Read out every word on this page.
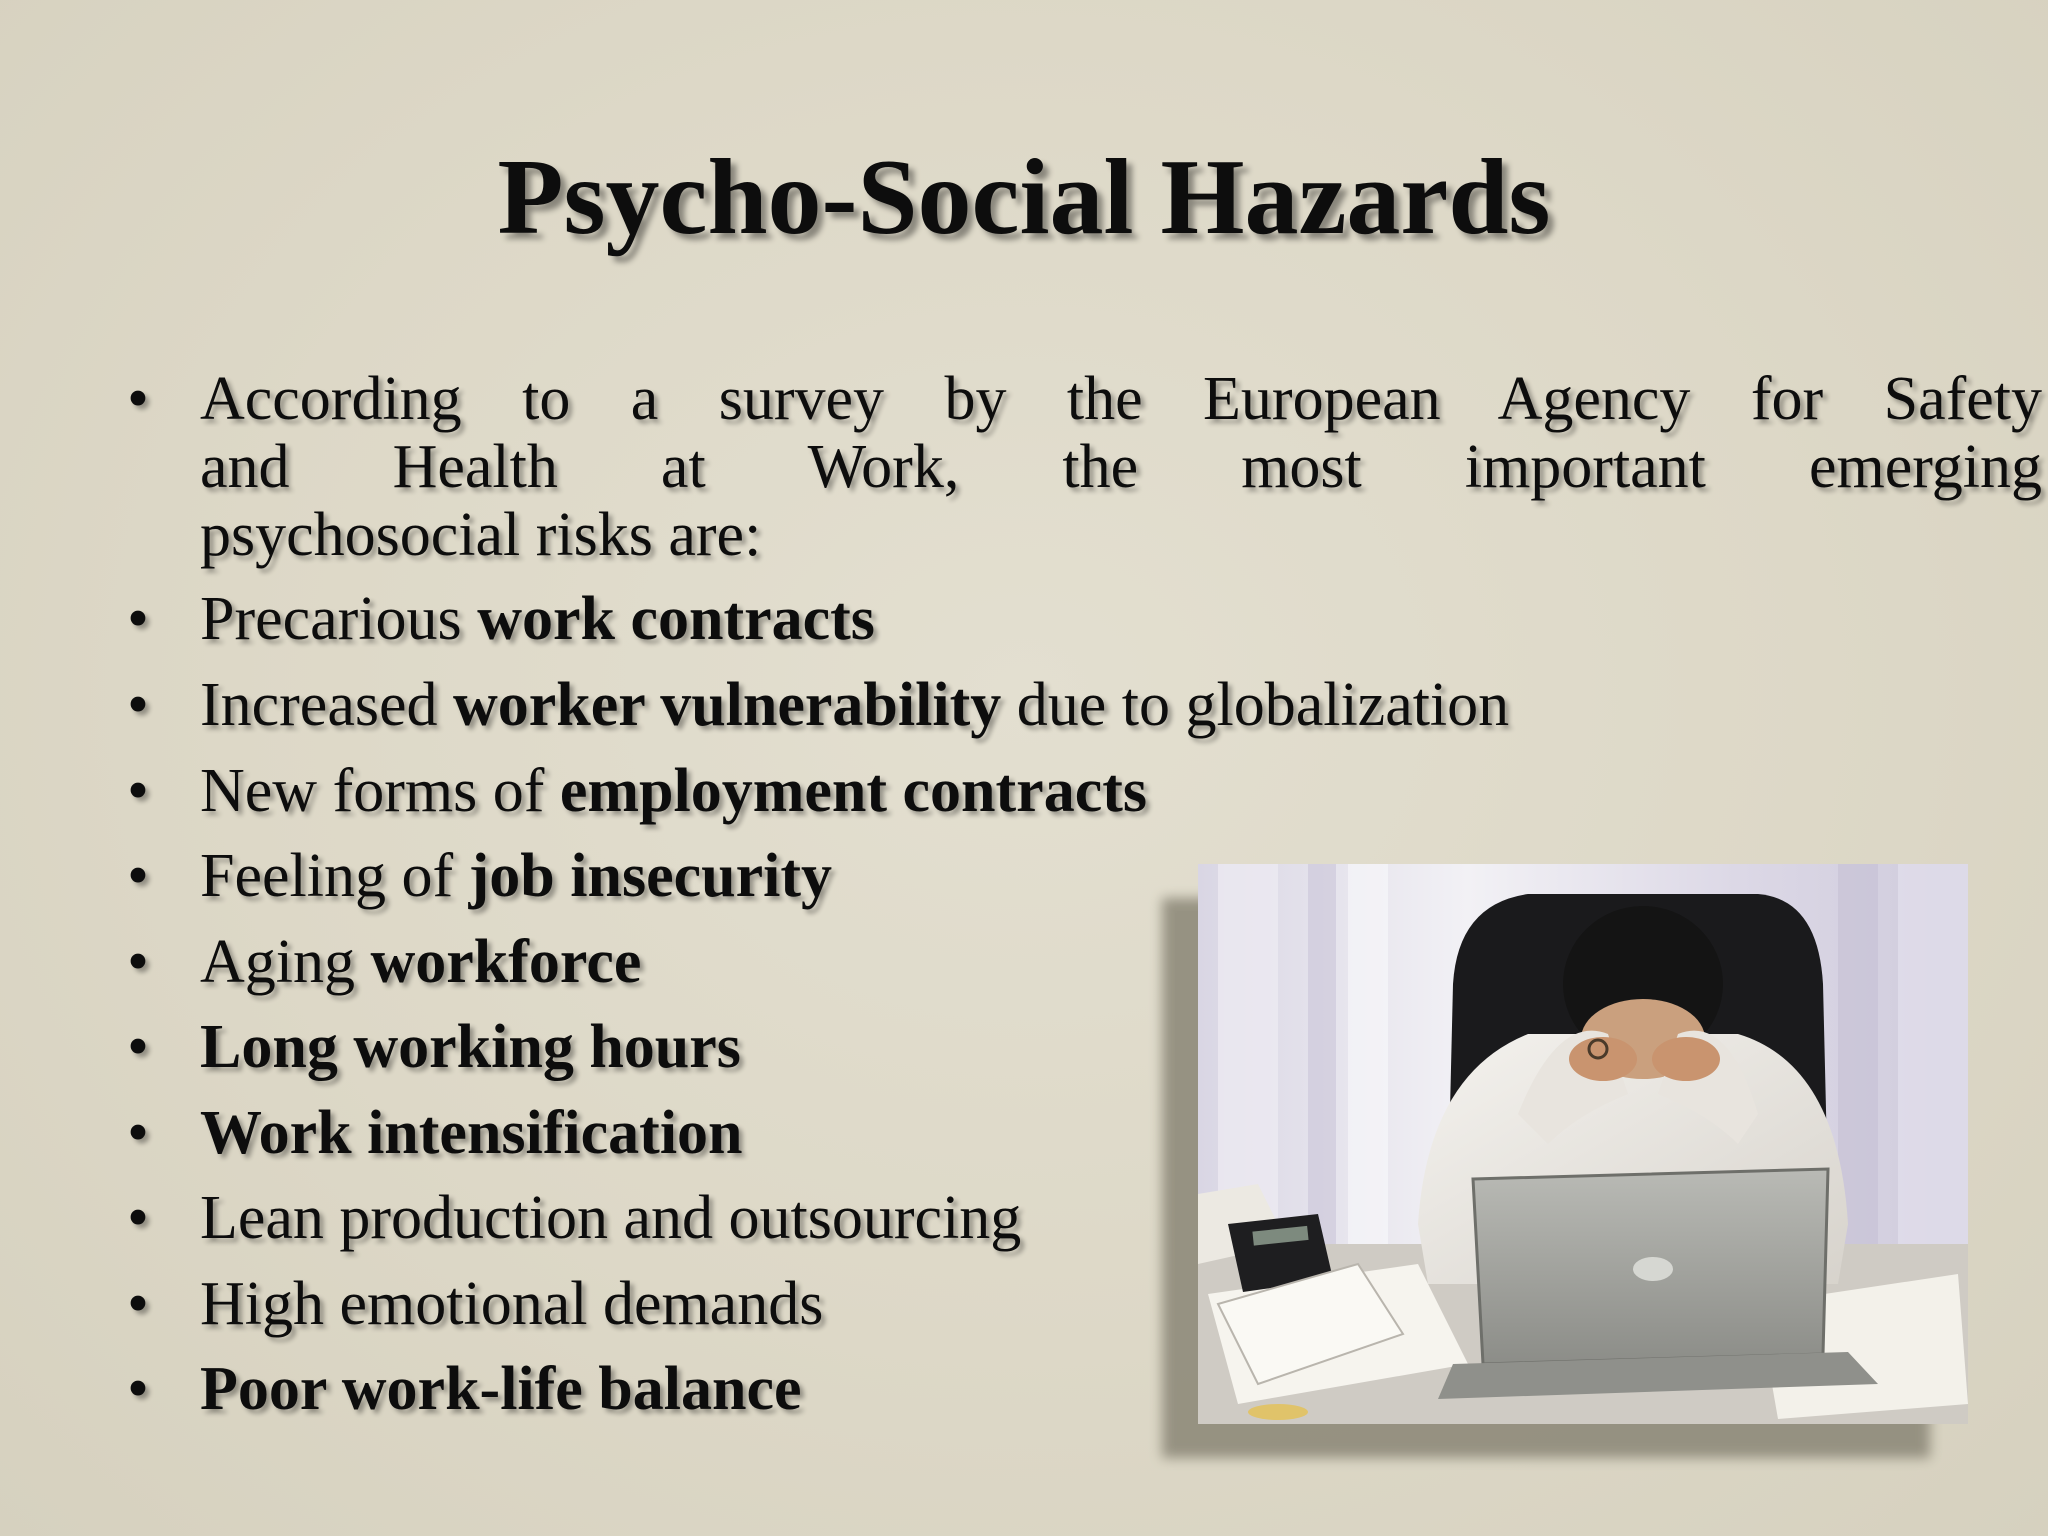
Psycho-Social Hazards
• According to a survey by the European Agency for Safety
and Health at Work, the most important emerging
psychosocial risks are:
• Precarious work contracts
• Increased worker vulnerability due to globalization
• New forms of employment contracts
• Feeling of job insecurity
• Aging workforce
• Long working hours
• Work intensification
• Lean production and outsourcing
• High emotional demands
• Poor work-life balance
